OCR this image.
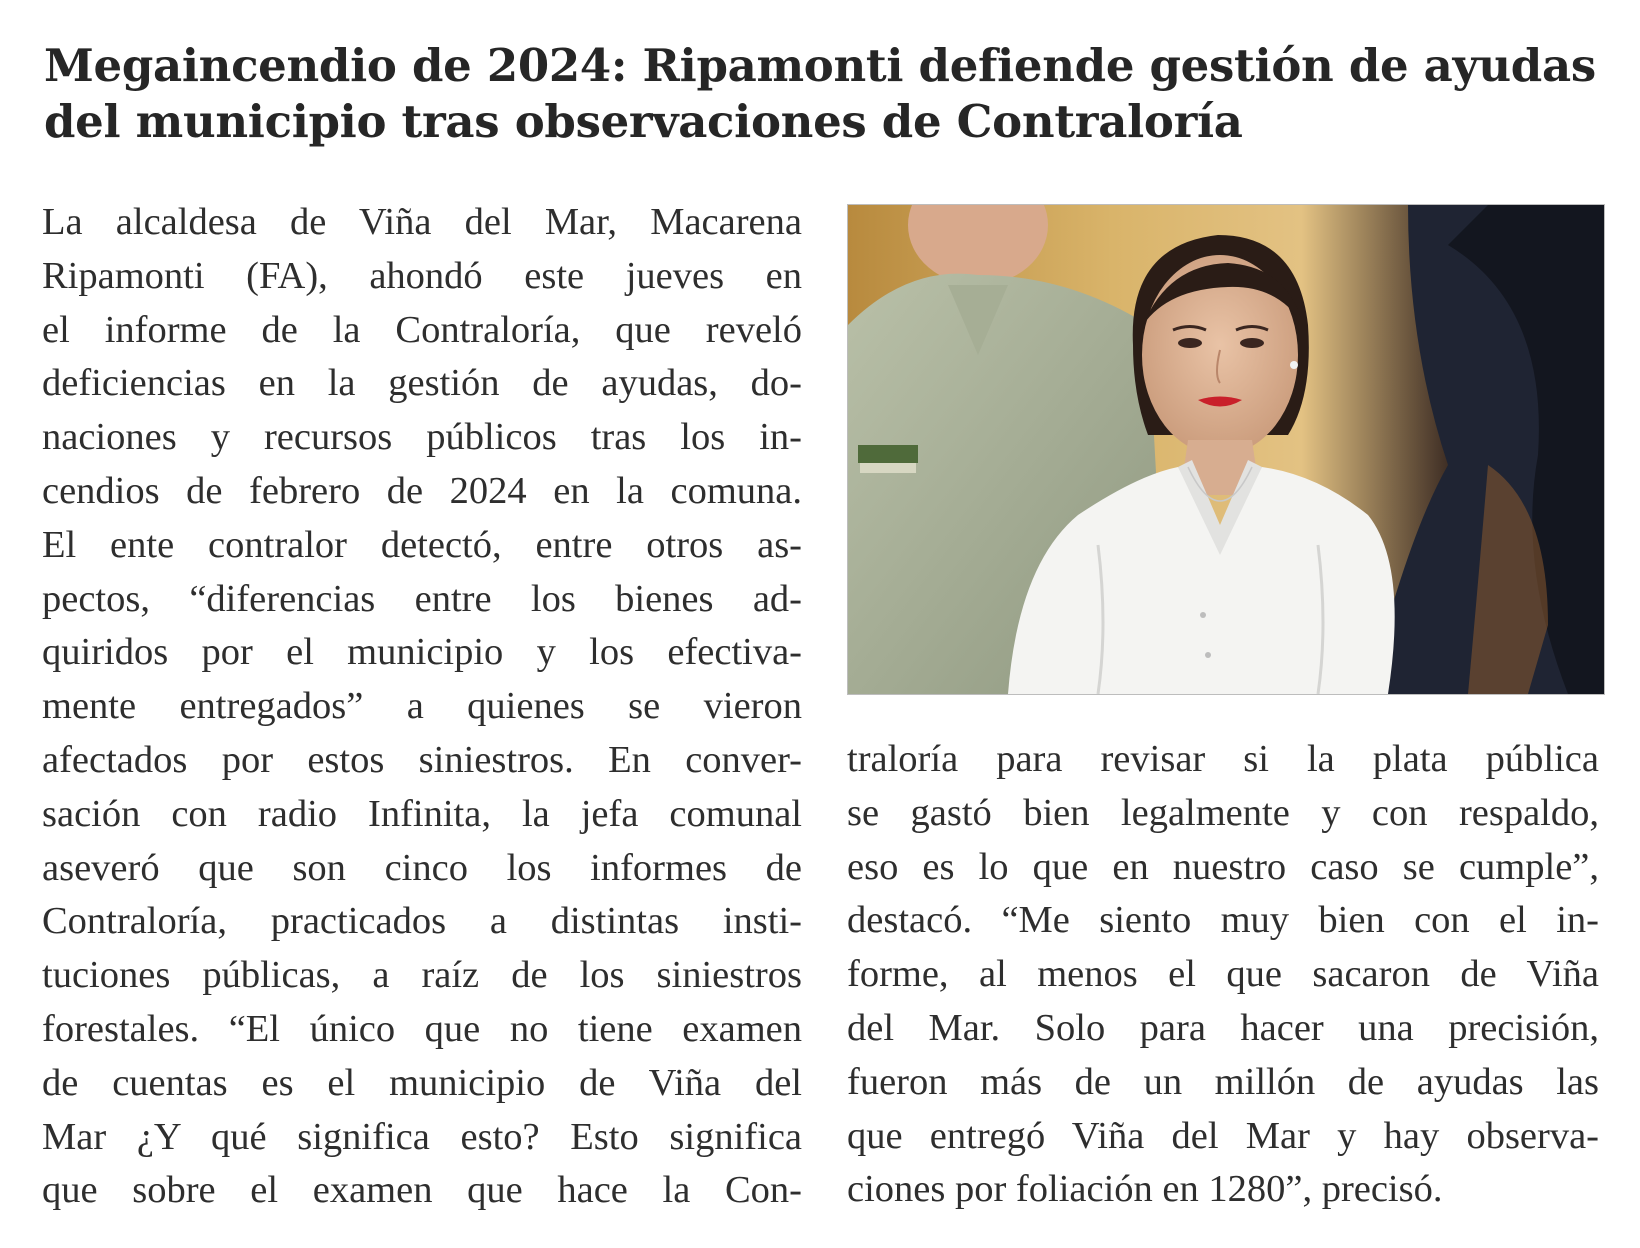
Megaincendio de 2024: Ripamonti defiende gestión de ayudas del municipio tras observaciones de Contraloría
La alcaldesa de Viña del Mar, Macarena
Ripamonti (FA), ahondó este jueves en
el informe de la Contraloría, que reveló
deficiencias en la gestión de ayudas, do-
naciones y recursos públicos tras los in-
cendios de febrero de 2024 en la comuna.
El ente contralor detectó, entre otros as-
pectos, “diferencias entre los bienes ad-
quiridos por el municipio y los efectiva-
mente entregados” a quienes se vieron
afectados por estos siniestros. En conver-
sación con radio Infinita, la jefa comunal
aseveró que son cinco los informes de
Contraloría, practicados a distintas insti-
tuciones públicas, a raíz de los siniestros
forestales. “El único que no tiene examen
de cuentas es el municipio de Viña del
Mar ¿Y qué significa esto? Esto significa
que sobre el examen que hace la Con-
traloría para revisar si la plata pública
se gastó bien legalmente y con respaldo,
eso es lo que en nuestro caso se cumple”,
destacó. “Me siento muy bien con el in-
forme, al menos el que sacaron de Viña
del Mar. Solo para hacer una precisión,
fueron más de un millón de ayudas las
que entregó Viña del Mar y hay observa-
ciones por foliación en 1280”, precisó.
